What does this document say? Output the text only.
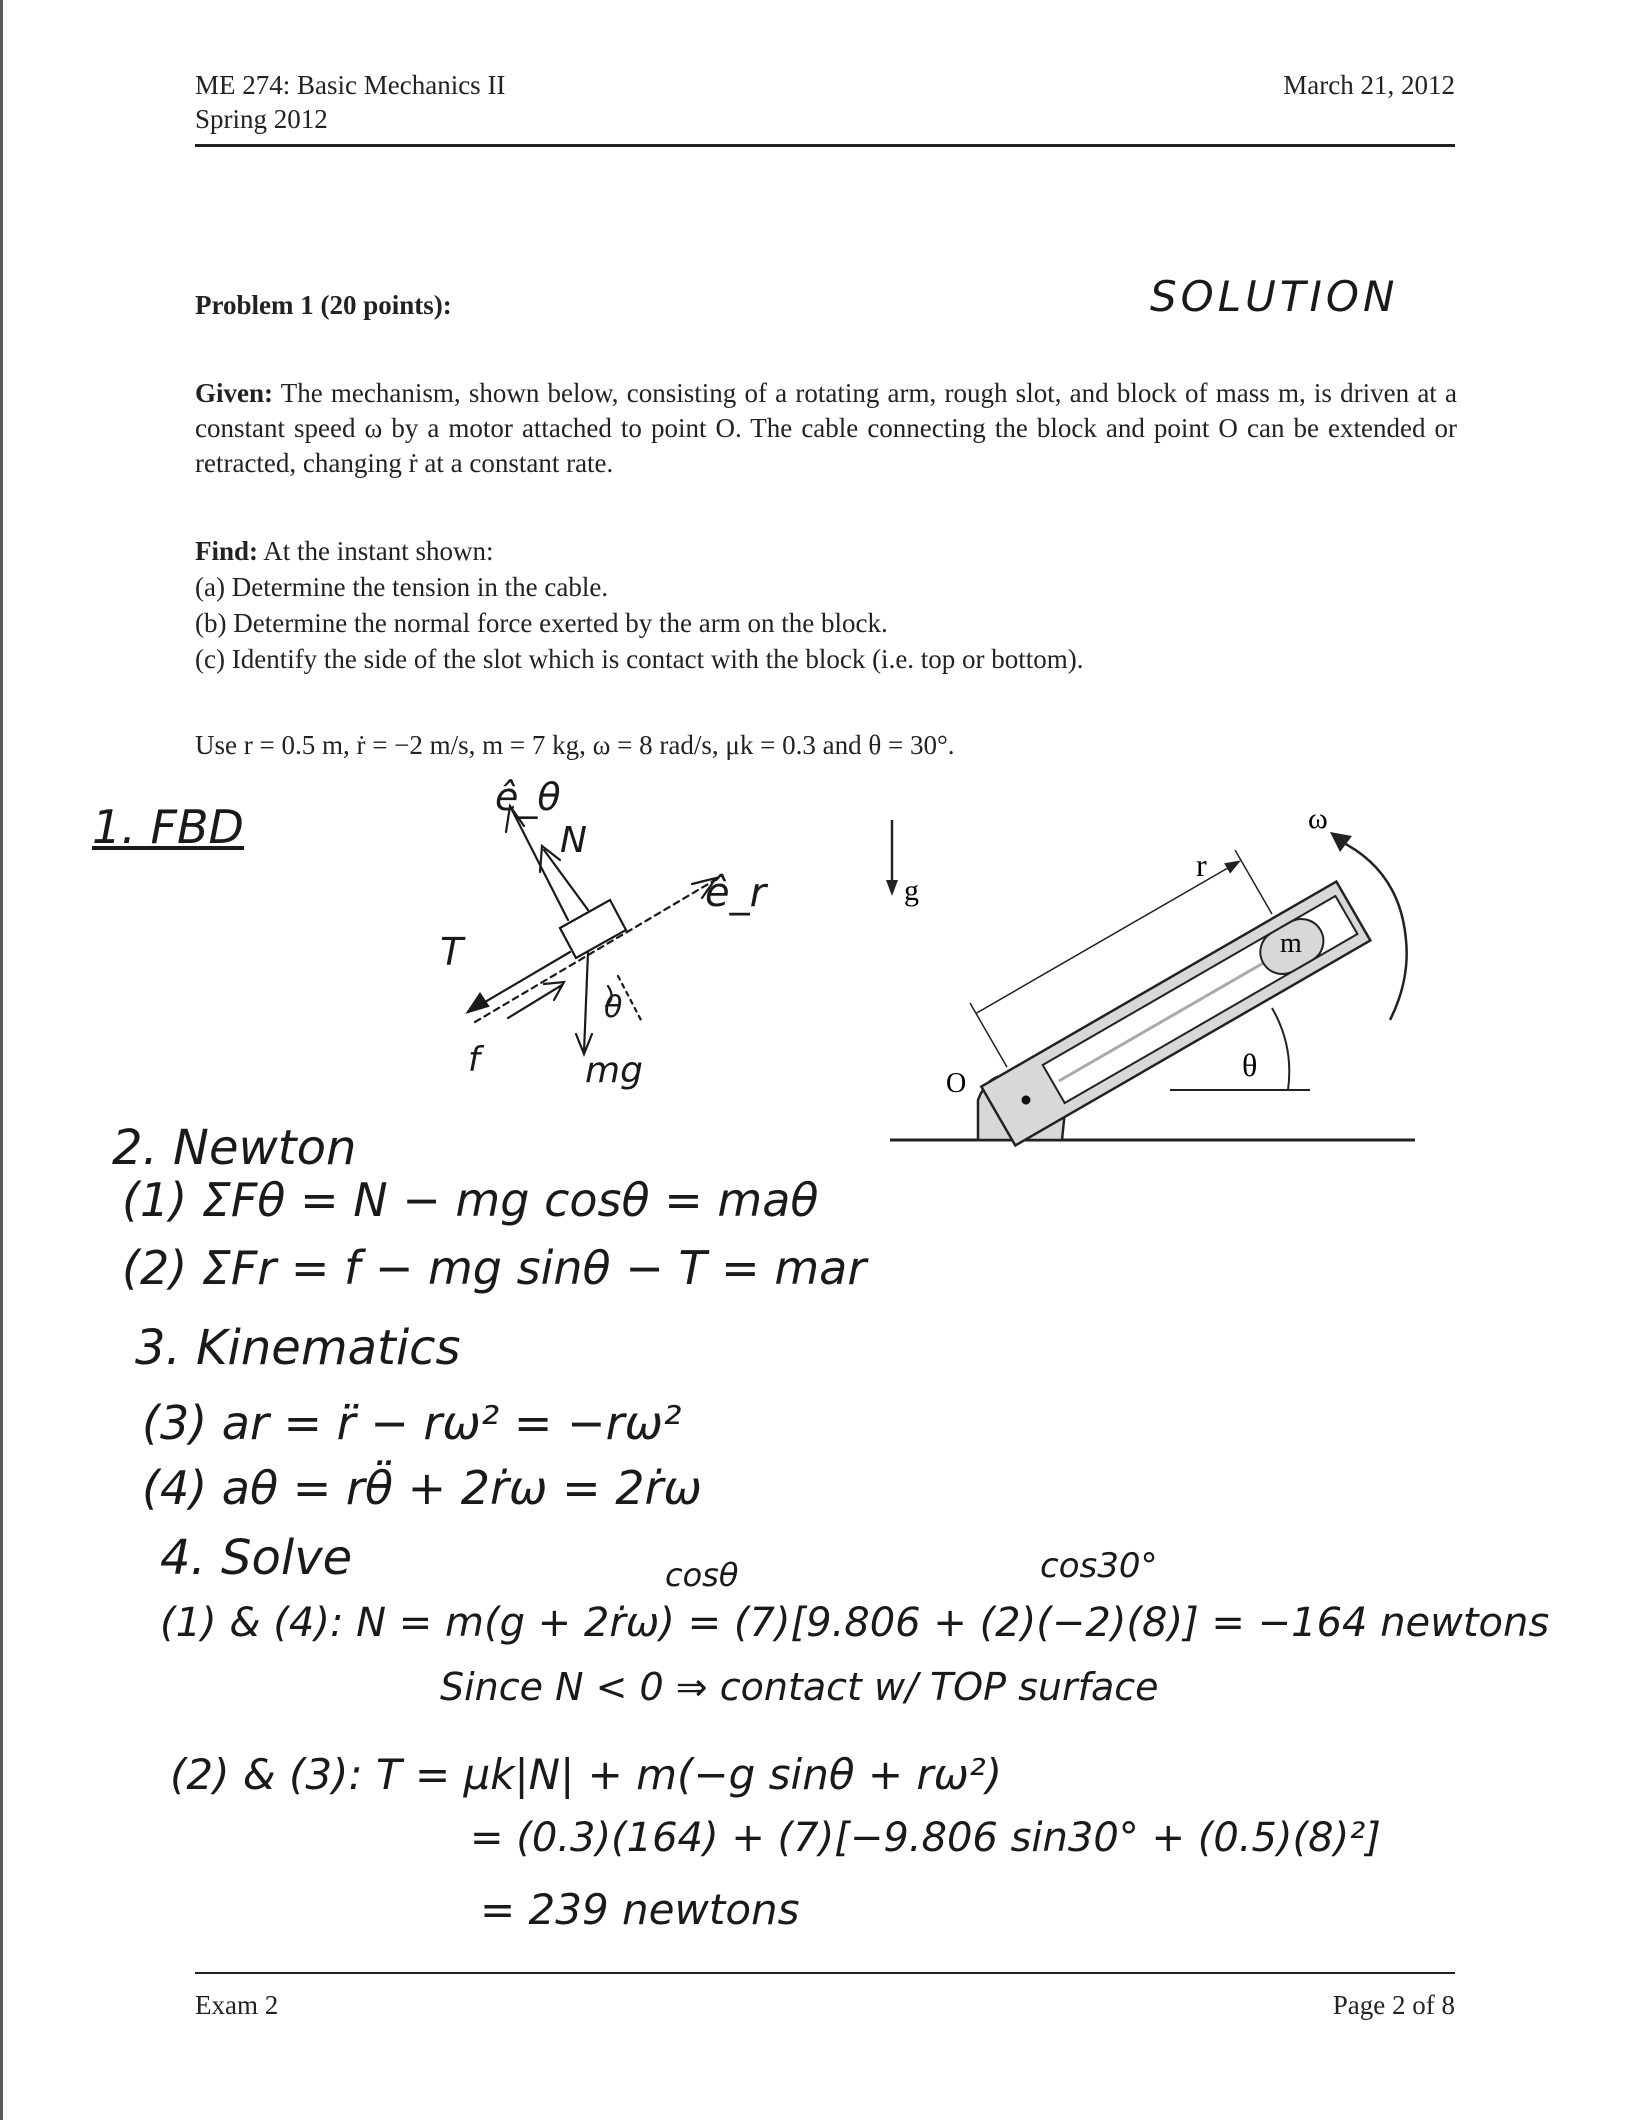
ME 274: Basic Mechanics II
Spring 2012
March 21, 2012
Problem 1 (20 points):	SOLUTION
Given: The mechanism, shown below, consisting of a rotating arm, rough slot, and block of mass m, is driven at a constant speed ω by a motor attached to point O. The cable connecting the block and point O can be extended or retracted, changing ṙ at a constant rate.
Find: At the instant shown:
(a) Determine the tension in the cable.
(b) Determine the normal force exerted by the arm on the block.
(c) Identify the side of the slot which is contact with the block (i.e. top or bottom).
Use r = 0.5 m, ṙ = −2 m/s, m = 7 kg, ω = 8 rad/s, μk = 0.3 and θ = 30°.
1. FBD
ê_θ
N
ê_r
T
θ
f	mg
g
r
ω
m
θ
O
2. Newton
(1) ΣFθ = N − mg cosθ = maθ
(2) ΣFr = f − mg sinθ − T = mar
3. Kinematics
(3) ar = r̈ − rω² = −rω²
(4) aθ = rθ̈ + 2ṙω = 2ṙω
4. Solve	cosθ	cos30°
(1) & (4): N = m(g + 2ṙω) = (7)[9.806 + (2)(−2)(8)] = −164 newtons
Since N < 0 ⇒ contact w/ TOP surface
(2) & (3): T = μk|N| + m(−g sinθ + rω²)
= (0.3)(164) + (7)[−9.806 sin30° + (0.5)(8)²]
= 239 newtons
Exam 2	Page 2 of 8
